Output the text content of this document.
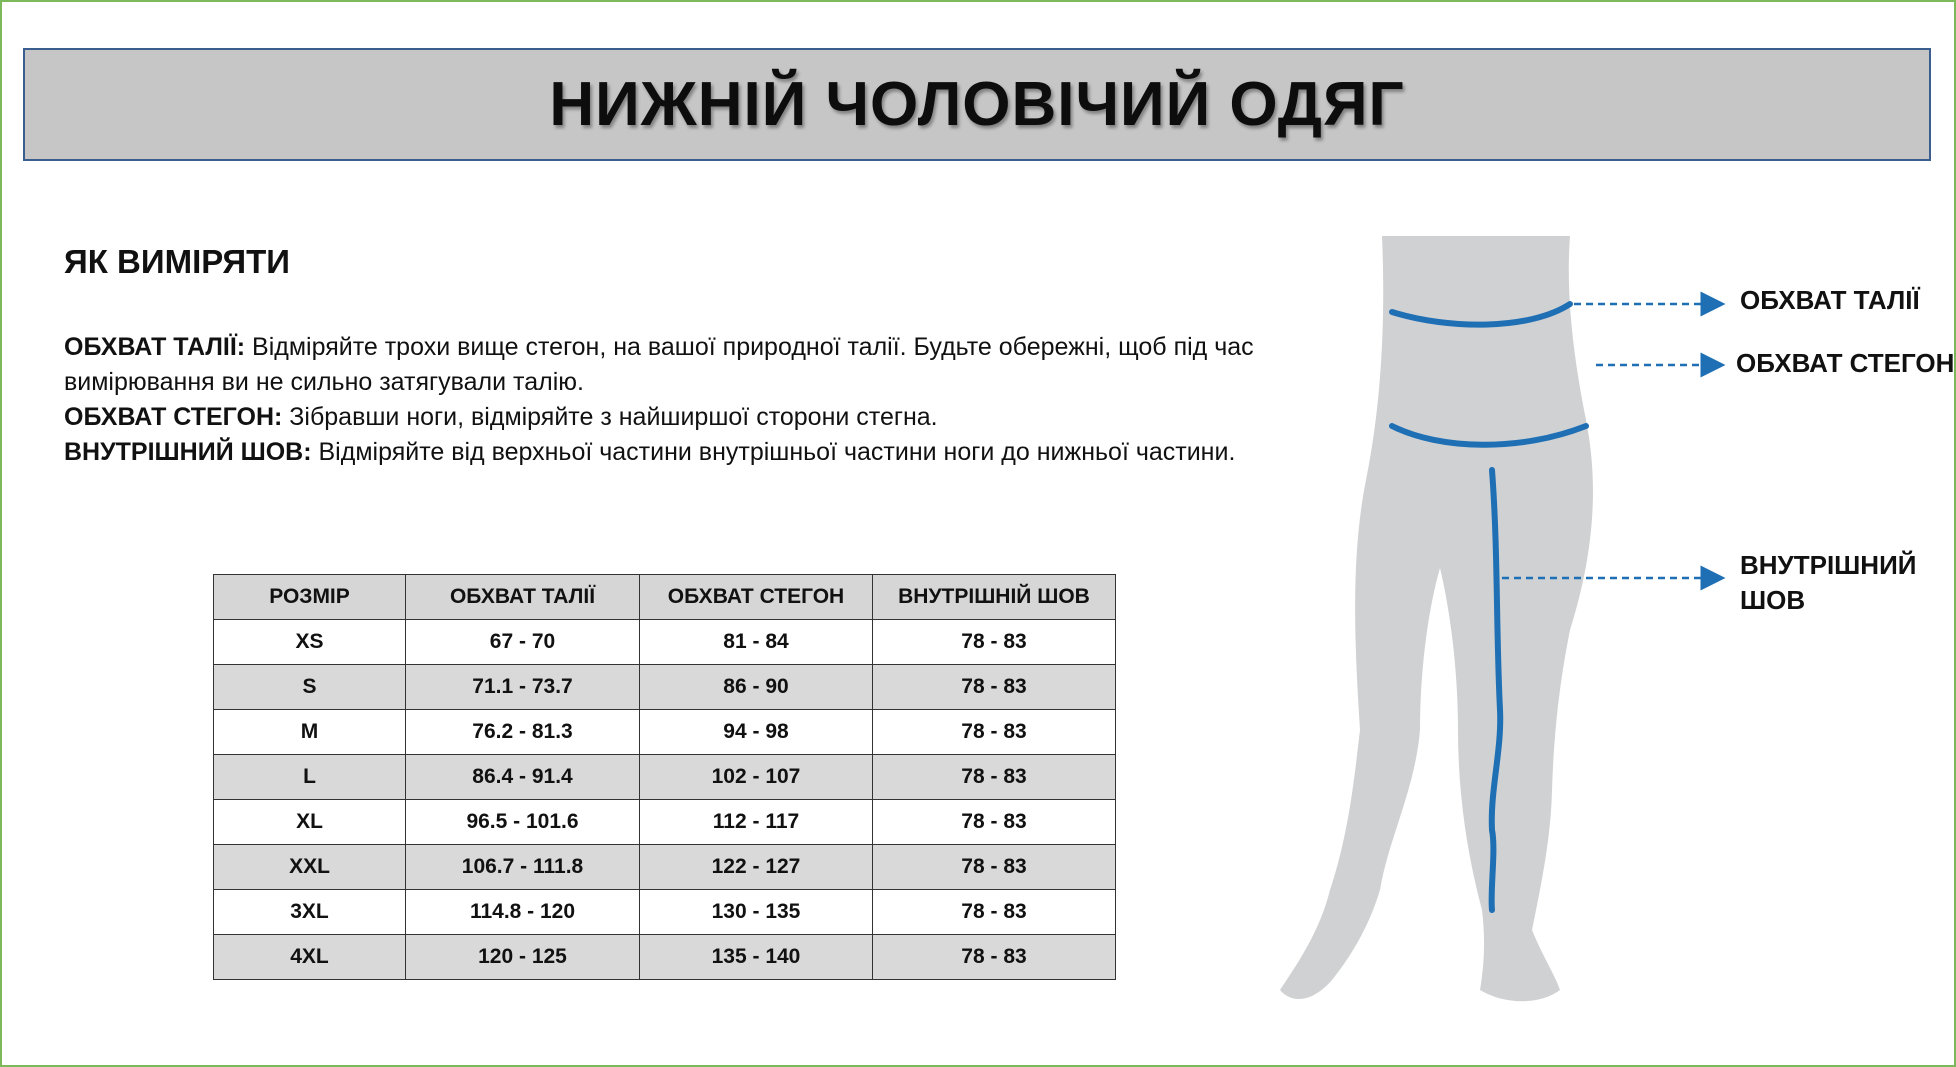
НИЖНІЙ ЧОЛОВІЧИЙ ОДЯГ
ЯК ВИМІРЯТИ

ОБХВАТ ТАЛІЇ: Відміряйте трохи вище стегон, на вашої природної талії. Будьте обережні, щоб під час вимірювання ви не сильно затягували талію.

ОБХВАТ СТЕГОН: Зібравши ноги, відміряйте з найширшої сторони стегна.

ВНУТРІШНИЙ ШОВ: Відміряйте від верхньої частини внутрішньої частини ноги до нижньої частини.

РОЗМІР	ОБХВАТ ТАЛІЇ	ОБХВАТ СТЕГОН	ВНУТРІШНІЙ ШОВ
XS	67 - 70	81 - 84	78 - 83
S	71.1 - 73.7	86 - 90	78 - 83
M	76.2 - 81.3	94 - 98	78 - 83
L	86.4 - 91.4	102 - 107	78 - 83
XL	96.5 - 101.6	112 - 117	78 - 83
XXL	106.7 - 111.8	122 - 127	78 - 83
3XL	114.8 - 120	130 - 135	78 - 83
4XL	120 - 125	135 - 140	78 - 83
ОБХВАТ ТАЛІЇ
ОБХВАТ СТЕГОН
ВНУТРІШНИЙ
ШОВ
